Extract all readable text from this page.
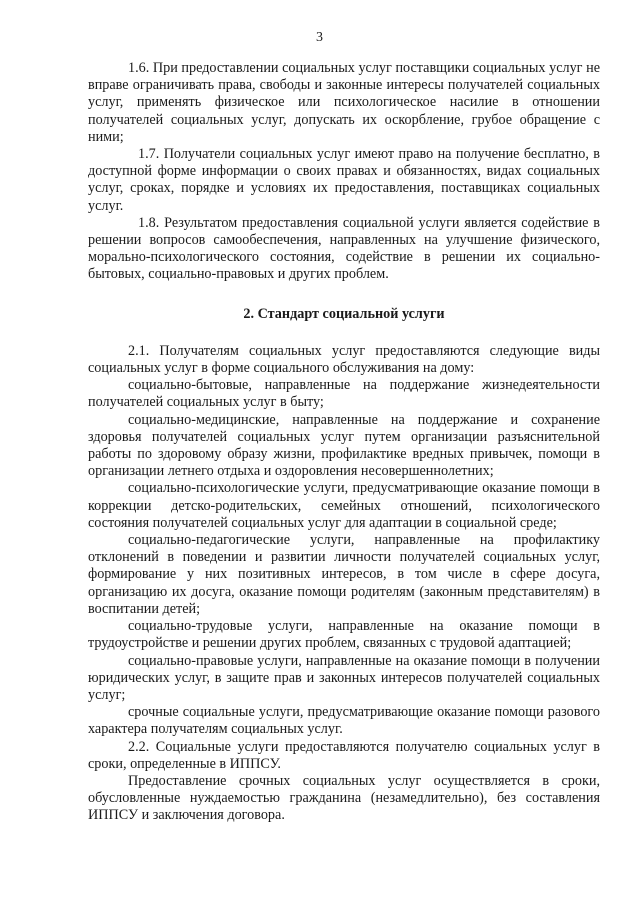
3

1.6. При предоставлении социальных услуг поставщики социальных услуг не вправе ограничивать права, свободы и законные интересы получателей социальных услуг, применять физическое или психологическое насилие в отношении получателей социальных услуг, допускать их оскорбление, грубое обращение с ними;

1.7. Получатели социальных услуг имеют право на получение бесплатно, в доступной форме информации о своих правах и обязанностях, видах социальных услуг, сроках, порядке и условиях их предоставления, поставщиках социальных услуг.

1.8. Результатом предоставления социальной услуги является содействие в решении вопросов самообеспечения, направленных на улучшение физического, морально-психологического состояния, содействие в решении их социально-бытовых, социально-правовых и других проблем.

2. Стандарт социальной услуги

2.1. Получателям социальных услуг предоставляются следующие виды социальных услуг в форме социального обслуживания на дому:

социально-бытовые, направленные на поддержание жизнедеятельности получателей социальных услуг в быту;

социально-медицинские, направленные на поддержание и сохранение здоровья получателей социальных услуг путем организации разъяснительной работы по здоровому образу жизни, профилактике вредных привычек, помощи в организации летнего отдыха и оздоровления несовершеннолетних;

социально-психологические услуги, предусматривающие оказание помощи в коррекции детско-родительских, семейных отношений, психологического состояния получателей социальных услуг для адаптации в социальной среде;

социально-педагогические услуги, направленные на профилактику отклонений в поведении и развитии личности получателей социальных услуг, формирование у них позитивных интересов, в том числе в сфере досуга, организацию их досуга, оказание помощи родителям (законным представителям) в воспитании детей;

социально-трудовые услуги, направленные на оказание помощи в трудоустройстве и решении других проблем, связанных с трудовой адаптацией;

социально-правовые услуги, направленные на оказание помощи в получении юридических услуг, в защите прав и законных интересов получателей социальных услуг;

срочные социальные услуги, предусматривающие оказание помощи разового характера получателям социальных услуг.

2.2. Социальные услуги предоставляются получателю социальных услуг в сроки, определенные в ИППСУ.

Предоставление срочных социальных услуг осуществляется в сроки, обусловленные нуждаемостью гражданина (незамедлительно), без составления ИППСУ и заключения договора.
